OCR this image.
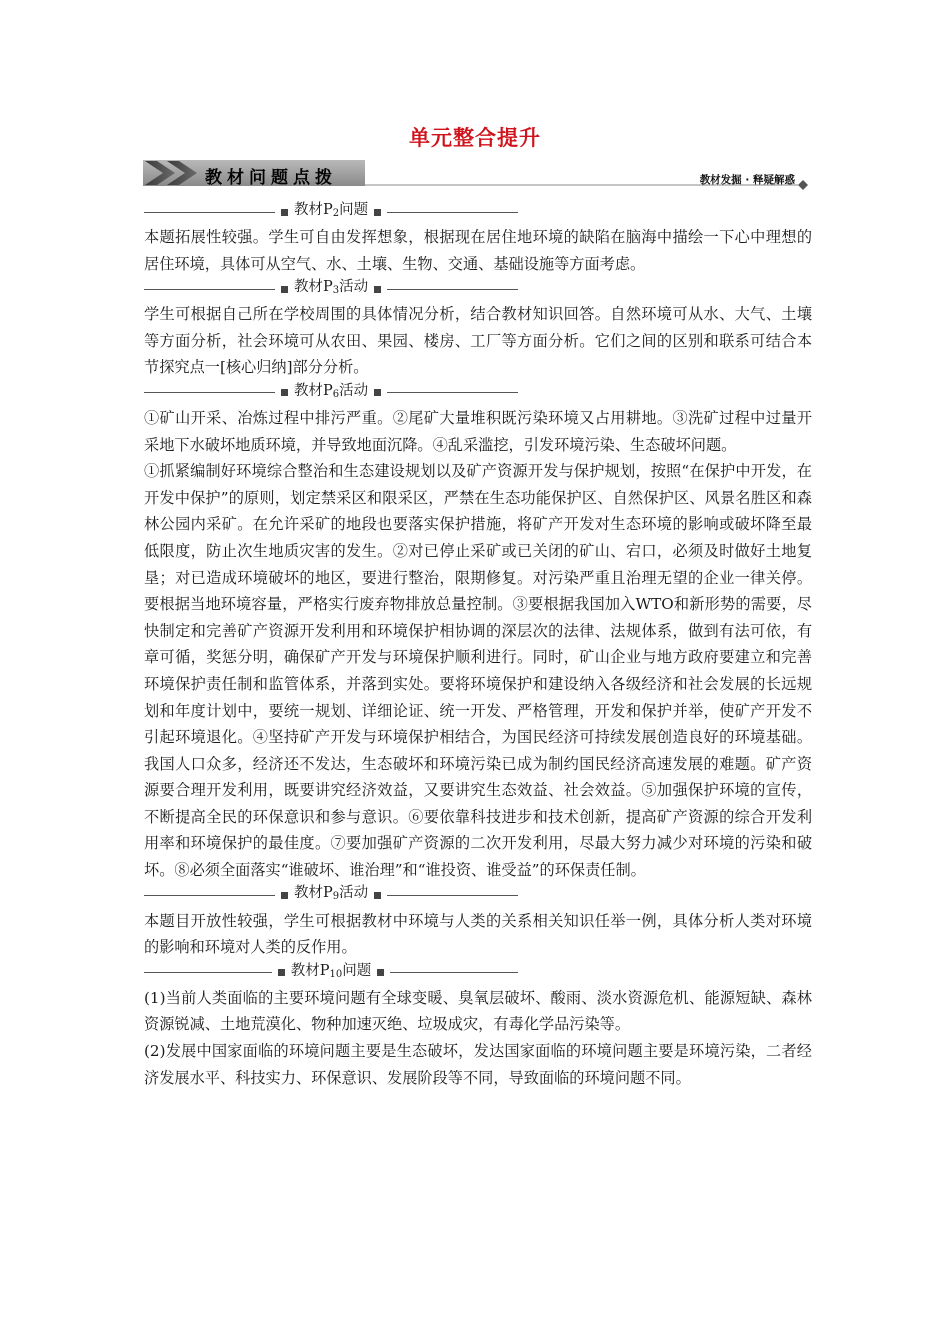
单元整合提升
教材问题点拨	教材发掘 · 释疑解惑
教材$P_2$问题

本题拓展性较强。学生可自由发挥想象，根据现在居住地环境的缺陷在脑海中描绘一下心中理想的居住环境，具体可从空气、水、土壤、生物、交通、基础设施等方面考虑。

教材$P_3$活动

学生可根据自己所在学校周围的具体情况分析，结合教材知识回答。自然环境可从水、大气、土壤等方面分析，社会环境可从农田、果园、楼房、工厂等方面分析。它们之间的区别和联系可结合本节探究点一[核心归纳]部分分析。

教材$P_6$活动

①矿山开采、冶炼过程中排污严重。②尾矿大量堆积既污染环境又占用耕地。③洗矿过程中过量开采地下水破坏地质环境，并导致地面沉降。④乱采滥挖，引发环境污染、生态破坏问题。

①抓紧编制好环境综合整治和生态建设规划以及矿产资源开发与保护规划，按照“在保护中开发，在开发中保护”的原则，划定禁采区和限采区，严禁在生态功能保护区、自然保护区、风景名胜区和森林公园内采矿。在允许采矿的地段也要落实保护措施，将矿产开发对生态环境的影响或破坏降至最低限度，防止次生地质灾害的发生。②对已停止采矿或已关闭的矿山、宕口，必须及时做好土地复垦；对已造成环境破坏的地区，要进行整治，限期修复。对污染严重且治理无望的企业一律关停。要根据当地环境容量，严格实行废弃物排放总量控制。③要根据我国加入WTO和新形势的需要，尽快制定和完善矿产资源开发利用和环境保护相协调的深层次的法律、法规体系，做到有法可依，有章可循，奖惩分明，确保矿产开发与环境保护顺利进行。同时，矿山企业与地方政府要建立和完善环境保护责任制和监管体系，并落到实处。要将环境保护和建设纳入各级经济和社会发展的长远规划和年度计划中，要统一规划、详细论证、统一开发、严格管理，开发和保护并举，使矿产开发不引起环境退化。④坚持矿产开发与环境保护相结合，为国民经济可持续发展创造良好的环境基础。我国人口众多，经济还不发达，生态破坏和环境污染已成为制约国民经济高速发展的难题。矿产资源要合理开发利用，既要讲究经济效益，又要讲究生态效益、社会效益。⑤加强保护环境的宣传，不断提高全民的环保意识和参与意识。⑥要依靠科技进步和技术创新，提高矿产资源的综合开发利用率和环境保护的最佳度。⑦要加强矿产资源的二次开发利用，尽最大努力减少对环境的污染和破坏。⑧必须全面落实“谁破坏、谁治理”和“谁投资、谁受益”的环保责任制。

教材$P_9$活动

本题目开放性较强，学生可根据教材中环境与人类的关系相关知识任举一例，具体分析人类对环境的影响和环境对人类的反作用。

教材$P_{10}$问题

(1)当前人类面临的主要环境问题有全球变暖、臭氧层破坏、酸雨、淡水资源危机、能源短缺、森林资源锐减、土地荒漠化、物种加速灭绝、垃圾成灾，有毒化学品污染等。

(2)发展中国家面临的环境问题主要是生态破坏，发达国家面临的环境问题主要是环境污染，二者经济发展水平、科技实力、环保意识、发展阶段等不同，导致面临的环境问题不同。
